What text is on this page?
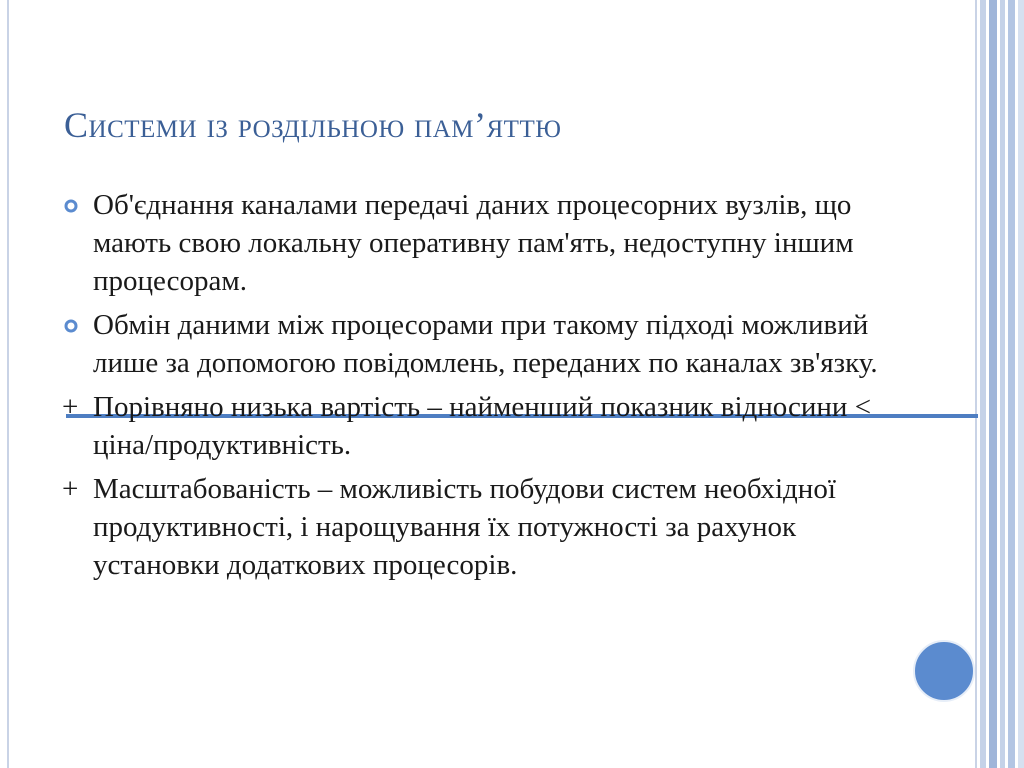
Системи із роздільною пам’яттю
Об'єднання каналами передачі даних процесорних вузлів, що мають свою локальну оперативну пам'ять, недоступну іншим процесорам.
Обмін даними між процесорами при такому підході можливий лише за допомогою повідомлень, переданих по каналах зв'язку.
+ Порівняно низька вартість – найменший показник відносини < ціна/продуктивність.
+ Масштабованість – можливість побудови систем необхідної продуктивності, і нарощування їх потужності за рахунок установки додаткових процесорів.
